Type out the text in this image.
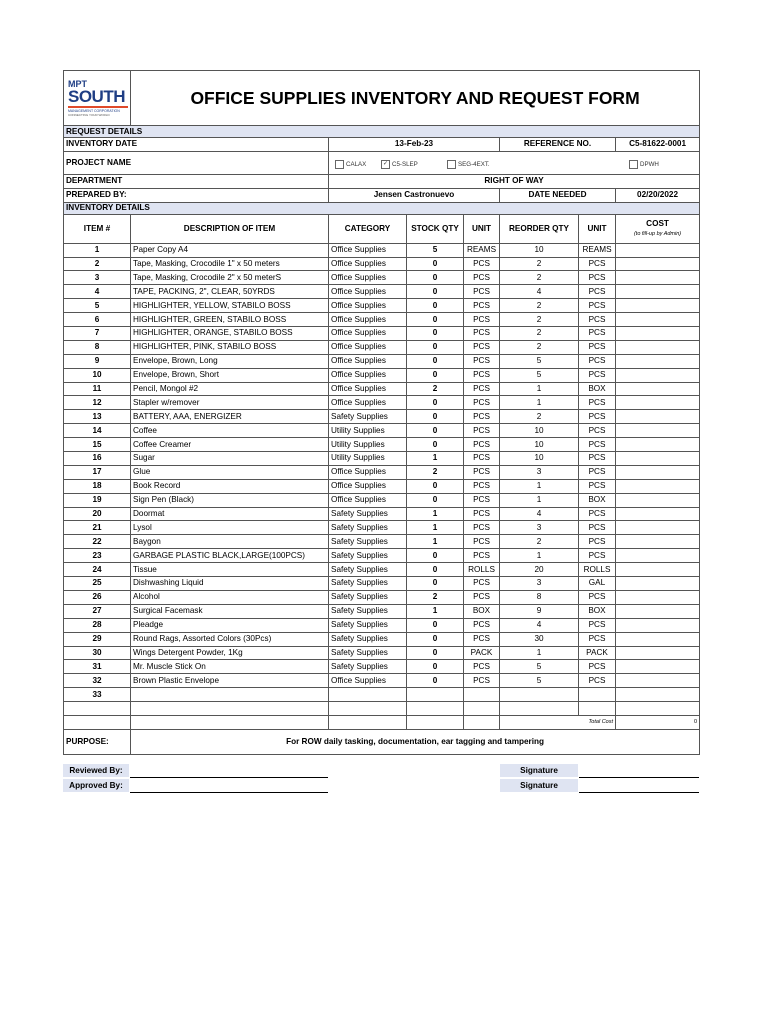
MPT
SOUTH
MANAGEMENT CORPORATION
CONNECTING YOUR WORLD	OFFICE SUPPLIES INVENTORY AND REQUEST FORM						
REQUEST DETAILS							
INVENTORY DATE		13-Feb-23			REFERENCE NO.		C5-81622-0001
PROJECT NAME		CALAX ✓ C5-SLEP SEG-4EXT. DPWH					

DEPARTMENT		RIGHT OF WAY					
PREPARED BY:		Jensen Castronuevo			DATE NEEDED		02/20/2022
INVENTORY DETAILS							
ITEM #	DESCRIPTION OF ITEM	CATEGORY	STOCK QTY	UNIT	REORDER QTY	UNIT	COST
(to fill-up by Admin)

1	Paper Copy A4	Office Supplies	5	REAMS	10	REAMS	
2	Tape, Masking, Crocodile 1" x 50 meters	Office Supplies	0	PCS	2	PCS	
3	Tape, Masking, Crocodile 2" x 50 meterS	Office Supplies	0	PCS	2	PCS	
4	TAPE, PACKING, 2", CLEAR, 50YRDS	Office Supplies	0	PCS	4	PCS	
5	HIGHLIGHTER, YELLOW, STABILO BOSS	Office Supplies	0	PCS	2	PCS	
6	HIGHLIGHTER, GREEN, STABILO BOSS	Office Supplies	0	PCS	2	PCS	
7	HIGHLIGHTER, ORANGE, STABILO BOSS	Office Supplies	0	PCS	2	PCS	
8	HIGHLIGHTER, PINK, STABILO BOSS	Office Supplies	0	PCS	2	PCS	
9	Envelope, Brown, Long	Office Supplies	0	PCS	5	PCS	
10	Envelope, Brown, Short	Office Supplies	0	PCS	5	PCS	
11	Pencil, Mongol #2	Office Supplies	2	PCS	1	BOX	
12	Stapler w/remover	Office Supplies	0	PCS	1	PCS	
13	BATTERY, AAA, ENERGIZER	Safety Supplies	0	PCS	2	PCS	
14	Coffee	Utility Supplies	0	PCS	10	PCS	
15	Coffee Creamer	Utility Supplies	0	PCS	10	PCS	
16	Sugar	Utility Supplies	1	PCS	10	PCS	
17	Glue	Office Supplies	2	PCS	3	PCS	
18	Book Record	Office Supplies	0	PCS	1	PCS	
19	Sign Pen (Black)	Office Supplies	0	PCS	1	BOX	
20	Doormat	Safety Supplies	1	PCS	4	PCS	
21	Lysol	Safety Supplies	1	PCS	3	PCS	
22	Baygon	Safety Supplies	1	PCS	2	PCS	
23	GARBAGE PLASTIC BLACK,LARGE(100PCS)	Safety Supplies	0	PCS	1	PCS	
24	Tissue	Safety Supplies	0	ROLLS	20	ROLLS	
25	Dishwashing Liquid	Safety Supplies	0	PCS	3	GAL	
26	Alcohol	Safety Supplies	2	PCS	8	PCS	
27	Surgical Facemask	Safety Supplies	1	BOX	9	BOX	
28	Pleadge	Safety Supplies	0	PCS	4	PCS	
29	Round Rags, Assorted Colors (30Pcs)	Safety Supplies	0	PCS	30	PCS	
30	Wings Detergent Powder, 1Kg	Safety Supplies	0	PACK	1	PACK	
31	Mr. Muscle Stick On	Safety Supplies	0	PCS	5	PCS	
32	Brown Plastic Envelope	Office Supplies	0	PCS	5	PCS	
33							

					Total Cost		0
PURPOSE:	For ROW daily tasking, documentation, ear tagging and tampering						
Reviewed By:	Signature
Approved By:	Signature
